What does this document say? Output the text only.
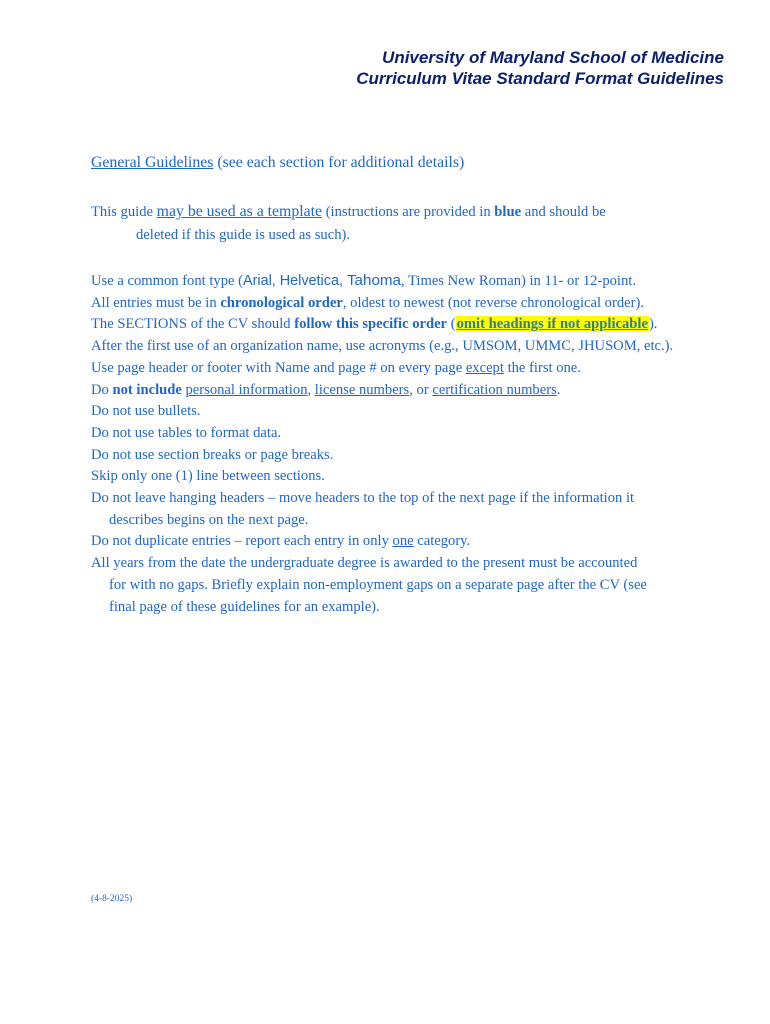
University of Maryland School of Medicine
Curriculum Vitae Standard Format Guidelines
General Guidelines (see each section for additional details)
This guide may be used as a template (instructions are provided in blue and should be
deleted if this guide is used as such).
Use a common font type (Arial, Helvetica, Tahoma, Times New Roman) in 11- or 12-point.
All entries must be in chronological order, oldest to newest (not reverse chronological order).
The SECTIONS of the CV should follow this specific order (omit headings if not applicable).
After the first use of an organization name, use acronyms (e.g., UMSOM, UMMC, JHUSOM, etc.).
Use page header or footer with Name and page # on every page except the first one.
Do not include personal information, license numbers, or certification numbers.
Do not use bullets.
Do not use tables to format data.
Do not use section breaks or page breaks.
Skip only one (1) line between sections.
Do not leave hanging headers – move headers to the top of the next page if the information it
describes begins on the next page.
Do not duplicate entries – report each entry in only one category.
All years from the date the undergraduate degree is awarded to the present must be accounted
for with no gaps. Briefly explain non-employment gaps on a separate page after the CV (see
final page of these guidelines for an example).
(4-8-2025)
